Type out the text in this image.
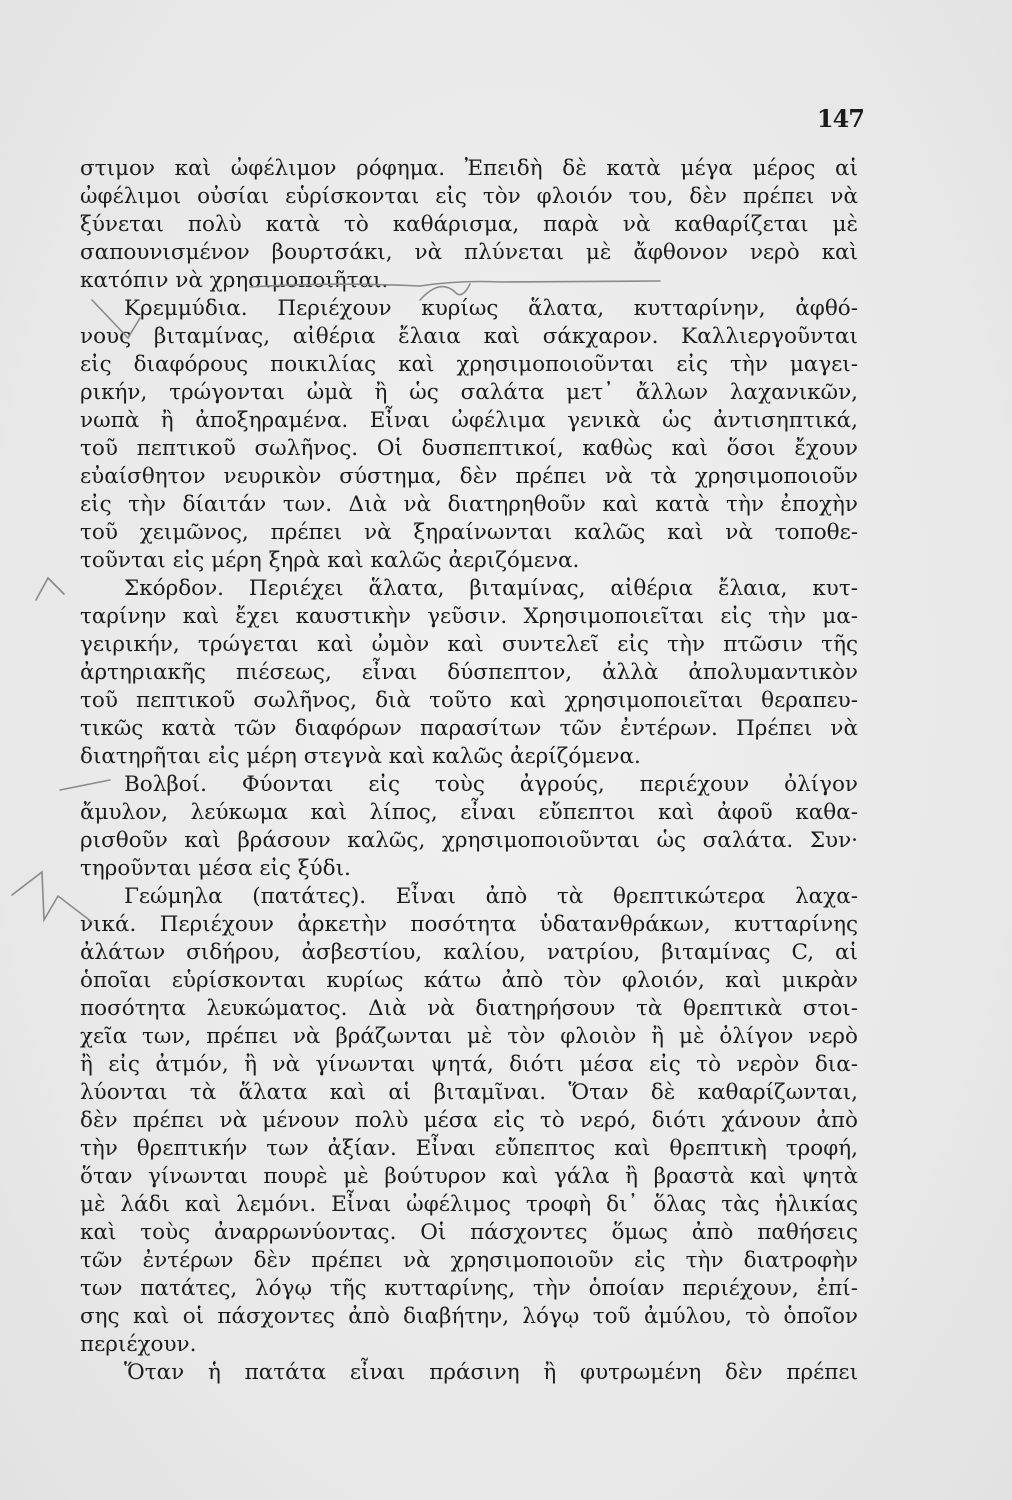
147
στιμον καὶ ὠφέλιμον ρόφημα. Ἐπειδὴ δὲ κατὰ μέγα μέρος αἱ
ὠφέλιμοι οὐσίαι εὑρίσκονται εἰς τὸν φλοιόν του, δὲν πρέπει νὰ
ξύνεται πολὺ κατὰ τὸ καθάρισμα, παρὰ νὰ καθαρίζεται μὲ
σαπουνισμένον βουρτσάκι, νὰ πλύνεται μὲ ἄφθονον νερὸ καὶ
κατόπιν νὰ χρησιμοποιῆται.
Κρεμμύδια. Περιέχουν κυρίως ἅλατα, κυτταρίνην, ἀφθό-
νους βιταμίνας, αἰθέρια ἔλαια καὶ σάκχαρον. Καλλιεργοῦνται
εἰς διαφόρους ποικιλίας καὶ χρησιμοποιοῦνται εἰς τὴν μαγει-
ρικήν, τρώγονται ὠμὰ ἢ ὡς σαλάτα μετ᾽ ἄλλων λαχανικῶν,
νωπὰ ἢ ἀποξηραμένα. Εἶναι ὠφέλιμα γενικὰ ὡς ἀντισηπτικά,
τοῦ πεπτικοῦ σωλῆνος. Οἱ δυσπεπτικοί, καθὼς καὶ ὅσοι ἔχουν
εὐαίσθητον νευρικὸν σύστημα, δὲν πρέπει νὰ τὰ χρησιμοποιοῦν
εἰς τὴν δίαιτάν των. Διὰ νὰ διατηρηθοῦν καὶ κατὰ τὴν ἐποχὴν
τοῦ χειμῶνος, πρέπει νὰ ξηραίνωνται καλῶς καὶ νὰ τοποθε-
τοῦνται εἰς μέρη ξηρὰ καὶ καλῶς ἀεριζόμενα.
Σκόρδον. Περιέχει ἅλατα, βιταμίνας, αἰθέρια ἔλαια, κυτ-
ταρίνην καὶ ἔχει καυστικὴν γεῦσιν. Χρησιμοποιεῖται εἰς τὴν μα-
γειρικήν, τρώγεται καὶ ὠμὸν καὶ συντελεῖ εἰς τὴν πτῶσιν τῆς
ἀρτηριακῆς πιέσεως, εἶναι δύσπεπτον, ἀλλὰ ἀπολυμαντικὸν
τοῦ πεπτικοῦ σωλῆνος, διὰ τοῦτο καὶ χρησιμοποιεῖται θεραπευ-
τικῶς κατὰ τῶν διαφόρων παρασίτων τῶν ἐντέρων. Πρέπει νὰ
διατηρῆται εἰς μέρη στεγνὰ καὶ καλῶς ἀερίζόμενα.
Βολβοί. Φύονται εἰς τοὺς ἀγρούς, περιέχουν ὀλίγον
ἄμυλον, λεύκωμα καὶ λίπος, εἶναι εὔπεπτοι καὶ ἀφοῦ καθα-
ρισθοῦν καὶ βράσουν καλῶς, χρησιμοποιοῦνται ὡς σαλάτα. Συν·
τηροῦνται μέσα εἰς ξύδι.
Γεώμηλα (πατάτες). Εἶναι ἀπὸ τὰ θρεπτικώτερα λαχα-
νικά. Περιέχουν ἀρκετὴν ποσότητα ὑδατανθράκων, κυτταρίνης
ἀλάτων σιδήρου, ἀσβεστίου, καλίου, νατρίου, βιταμίνας C, αἱ
ὁποῖαι εὑρίσκονται κυρίως κάτω ἀπὸ τὸν φλοιόν, καὶ μικρὰν
ποσότητα λευκώματος. Διὰ νὰ διατηρήσουν τὰ θρεπτικὰ στοι-
χεῖα των, πρέπει νὰ βράζωνται μὲ τὸν φλοιὸν ἢ μὲ ὀλίγον νερὸ
ἢ εἰς ἀτμόν, ἢ νὰ γίνωνται ψητά, διότι μέσα εἰς τὸ νερὸν δια-
λύονται τὰ ἅλατα καὶ αἱ βιταμῖναι. Ὅταν δὲ καθαρίζωνται,
δὲν πρέπει νὰ μένουν πολὺ μέσα εἰς τὸ νερό, διότι χάνουν ἀπὸ
τὴν θρεπτικήν των ἀξίαν. Εἶναι εὔπεπτος καὶ θρεπτικὴ τροφή,
ὅταν γίνωνται πουρὲ μὲ βούτυρον καὶ γάλα ἢ βραστὰ καὶ ψητὰ
μὲ λάδι καὶ λεμόνι. Εἶναι ὠφέλιμος τροφὴ δι᾽ ὅλας τὰς ἡλικίας
καὶ τοὺς ἀναρρωνύοντας. Οἱ πάσχοντες ὅμως ἀπὸ παθήσεις
τῶν ἐντέρων δὲν πρέπει νὰ χρησιμοποιοῦν εἰς τὴν διατροφὴν
των πατάτες, λόγῳ τῆς κυτταρίνης, τὴν ὁποίαν περιέχουν, ἐπί-
σης καὶ οἱ πάσχοντες ἀπὸ διαβήτην, λόγῳ τοῦ ἀμύλου, τὸ ὁποῖον
περιέχουν.
Ὅταν ἡ πατάτα εἶναι πράσινη ἢ φυτρωμένη δὲν πρέπει
